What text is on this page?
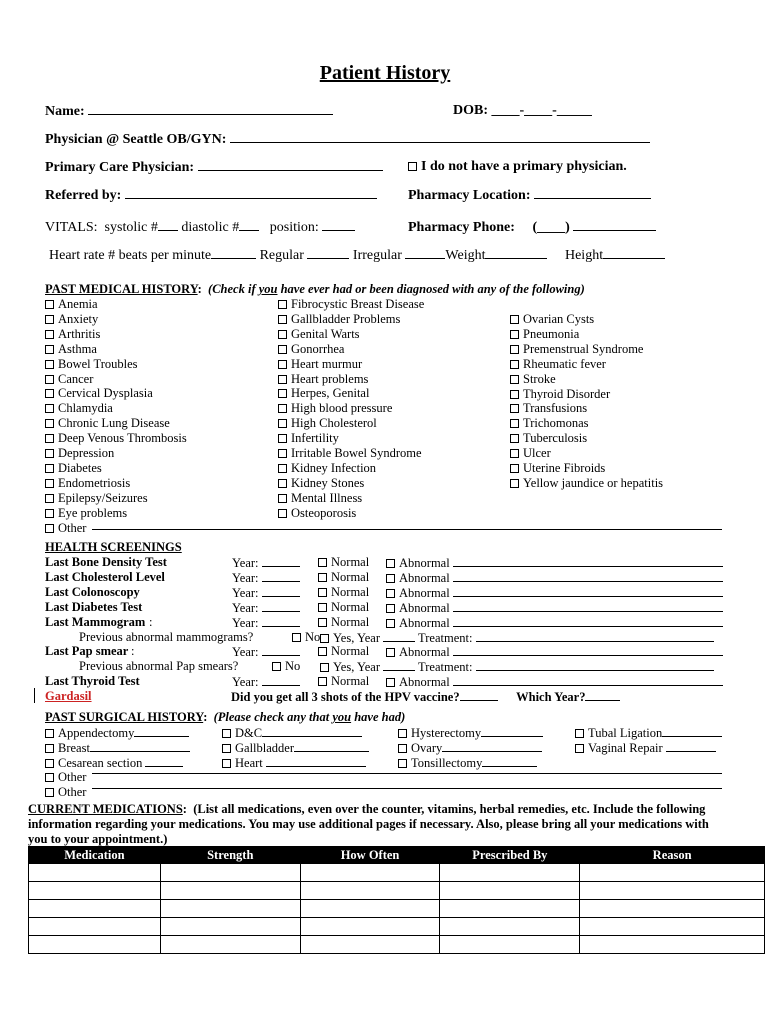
Patient History
Name:	DOB: ____-____-_____
Physician @ Seattle OB/GYN:
Primary Care Physician:	I do not have a primary physician.
Referred by:	Pharmacy Location:
VITALS: systolic # diastolic # position:	Pharmacy Phone: (____)
Heart rate # beats per minute	Regular	Irregular	Weight	Height
PAST MEDICAL HISTORY: (Check if you have ever had or been diagnosed with any of the following)
Anemia
Anxiety
Arthritis
Asthma
Bowel Troubles
Cancer
Cervical Dysplasia
Chlamydia
Chronic Lung Disease
Deep Venous Thrombosis
Depression
Diabetes
Endometriosis
Epilepsy/Seizures
Eye problems
Other
Fibrocystic Breast Disease
Gallbladder Problems
Genital Warts
Gonorrhea
Heart murmur
Heart problems
Herpes, Genital
High blood pressure
High Cholesterol
Infertility
Irritable Bowel Syndrome
Kidney Infection
Kidney Stones
Mental Illness
Osteoporosis
Ovarian Cysts
Pneumonia
Premenstrual Syndrome
Rheumatic fever
Stroke
Thyroid Disorder
Transfusions
Trichomonas
Tuberculosis
Ulcer
Uterine Fibroids
Yellow jaundice or hepatitis
HEALTH SCREENINGS
Last Bone Density Test	Year:	Normal	Abnormal
Last Cholesterol Level	Year:	Normal	Abnormal
Last Colonoscopy	Year:	Normal	Abnormal
Last Diabetes Test	Year:	Normal	Abnormal
Last Mammogram :	Year:	Normal	Abnormal
Previous abnormal mammograms?	No	Yes, Year	Treatment:
Last Pap smear :	Year:	Normal	Abnormal
Previous abnormal Pap smears?	No	Yes, Year	Treatment:
Last Thyroid Test	Year:	Normal	Abnormal
Gardasil	Did you get all 3 shots of the HPV vaccine?	Which Year?
PAST SURGICAL HISTORY: (Please check any that you have had)
Appendectomy	D&C	Hysterectomy	Tubal Ligation
Breast	Gallbladder	Ovary	Vaginal Repair
Cesarean section	Heart	Tonsillectomy
Other
Other
CURRENT MEDICATIONS: (List all medications, even over the counter, vitamins, herbal remedies, etc. Include the following
information regarding your medications. You may use additional pages if necessary. Also, please bring all your medications with
you to your appointment.)
Medication	Strength	How Often	Prescribed By	Reason
